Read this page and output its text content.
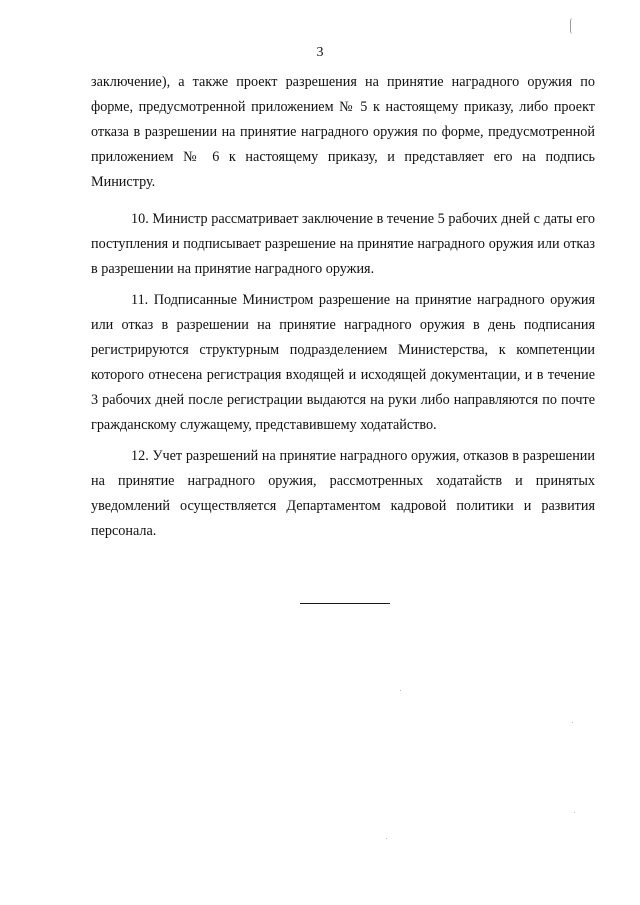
3

заключение), а также проект разрешения на принятие наградного оружия по форме, предусмотренной приложением № 5 к настоящему приказу, либо проект отказа в разрешении на принятие наградного оружия по форме, предусмотренной приложением № 6 к настоящему приказу, и представляет его на подпись Министру.

10. Министр рассматривает заключение в течение 5 рабочих дней с даты его поступления и подписывает разрешение на принятие наградного оружия или отказ в разрешении на принятие наградного оружия.

11. Подписанные Министром разрешение на принятие наградного оружия или отказ в разрешении на принятие наградного оружия в день подписания регистрируются структурным подразделением Министерства, к компетенции которого отнесена регистрация входящей и исходящей документации, и в течение 3 рабочих дней после регистрации выдаются на руки либо направляются по почте гражданскому служащему, представившему ходатайство.

12. Учет разрешений на принятие наградного оружия, отказов в разрешении на принятие наградного оружия, рассмотренных ходатайств и принятых уведомлений осуществляется Департаментом кадровой политики и развития персонала.
